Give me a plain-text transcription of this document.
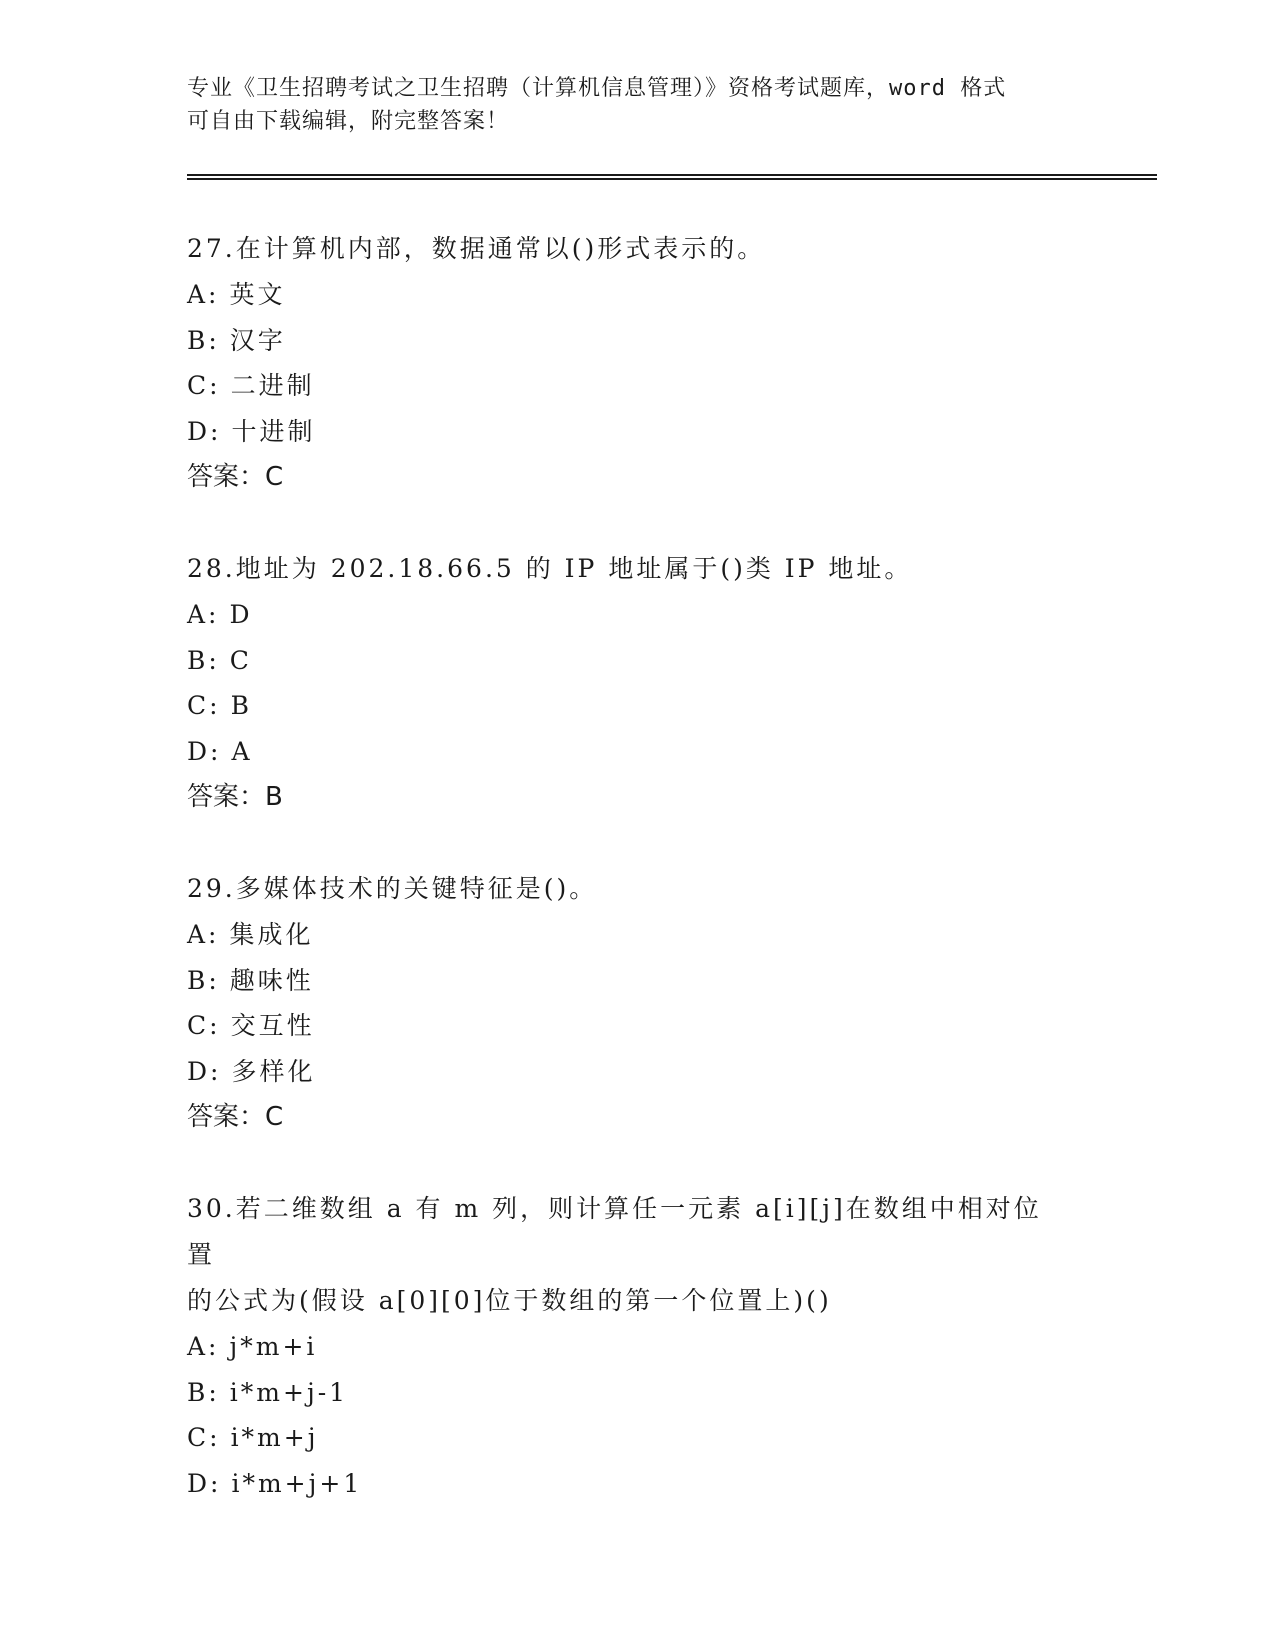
专业《卫生招聘考试之卫生招聘（计算机信息管理）》资格考试题库，word 格式
可自由下载编辑，附完整答案！

27.在计算机内部，数据通常以()形式表示的。

A: 英文

B: 汉字

C: 二进制

D: 十进制

答案：C

28.地址为 202.18.66.5 的 IP 地址属于()类 IP 地址。

A: D

B: C

C: B

D: A

答案：B

29.多媒体技术的关键特征是()。

A: 集成化

B: 趣味性

C: 交互性

D: 多样化

答案：C

30.若二维数组 a 有 m 列，则计算任一元素 a[i][j]在数组中相对位置

的公式为(假设 a[0][0]位于数组的第一个位置上)()

A: j*m+i

B: i*m+j-1

C: i*m+j

D: i*m+j+1
